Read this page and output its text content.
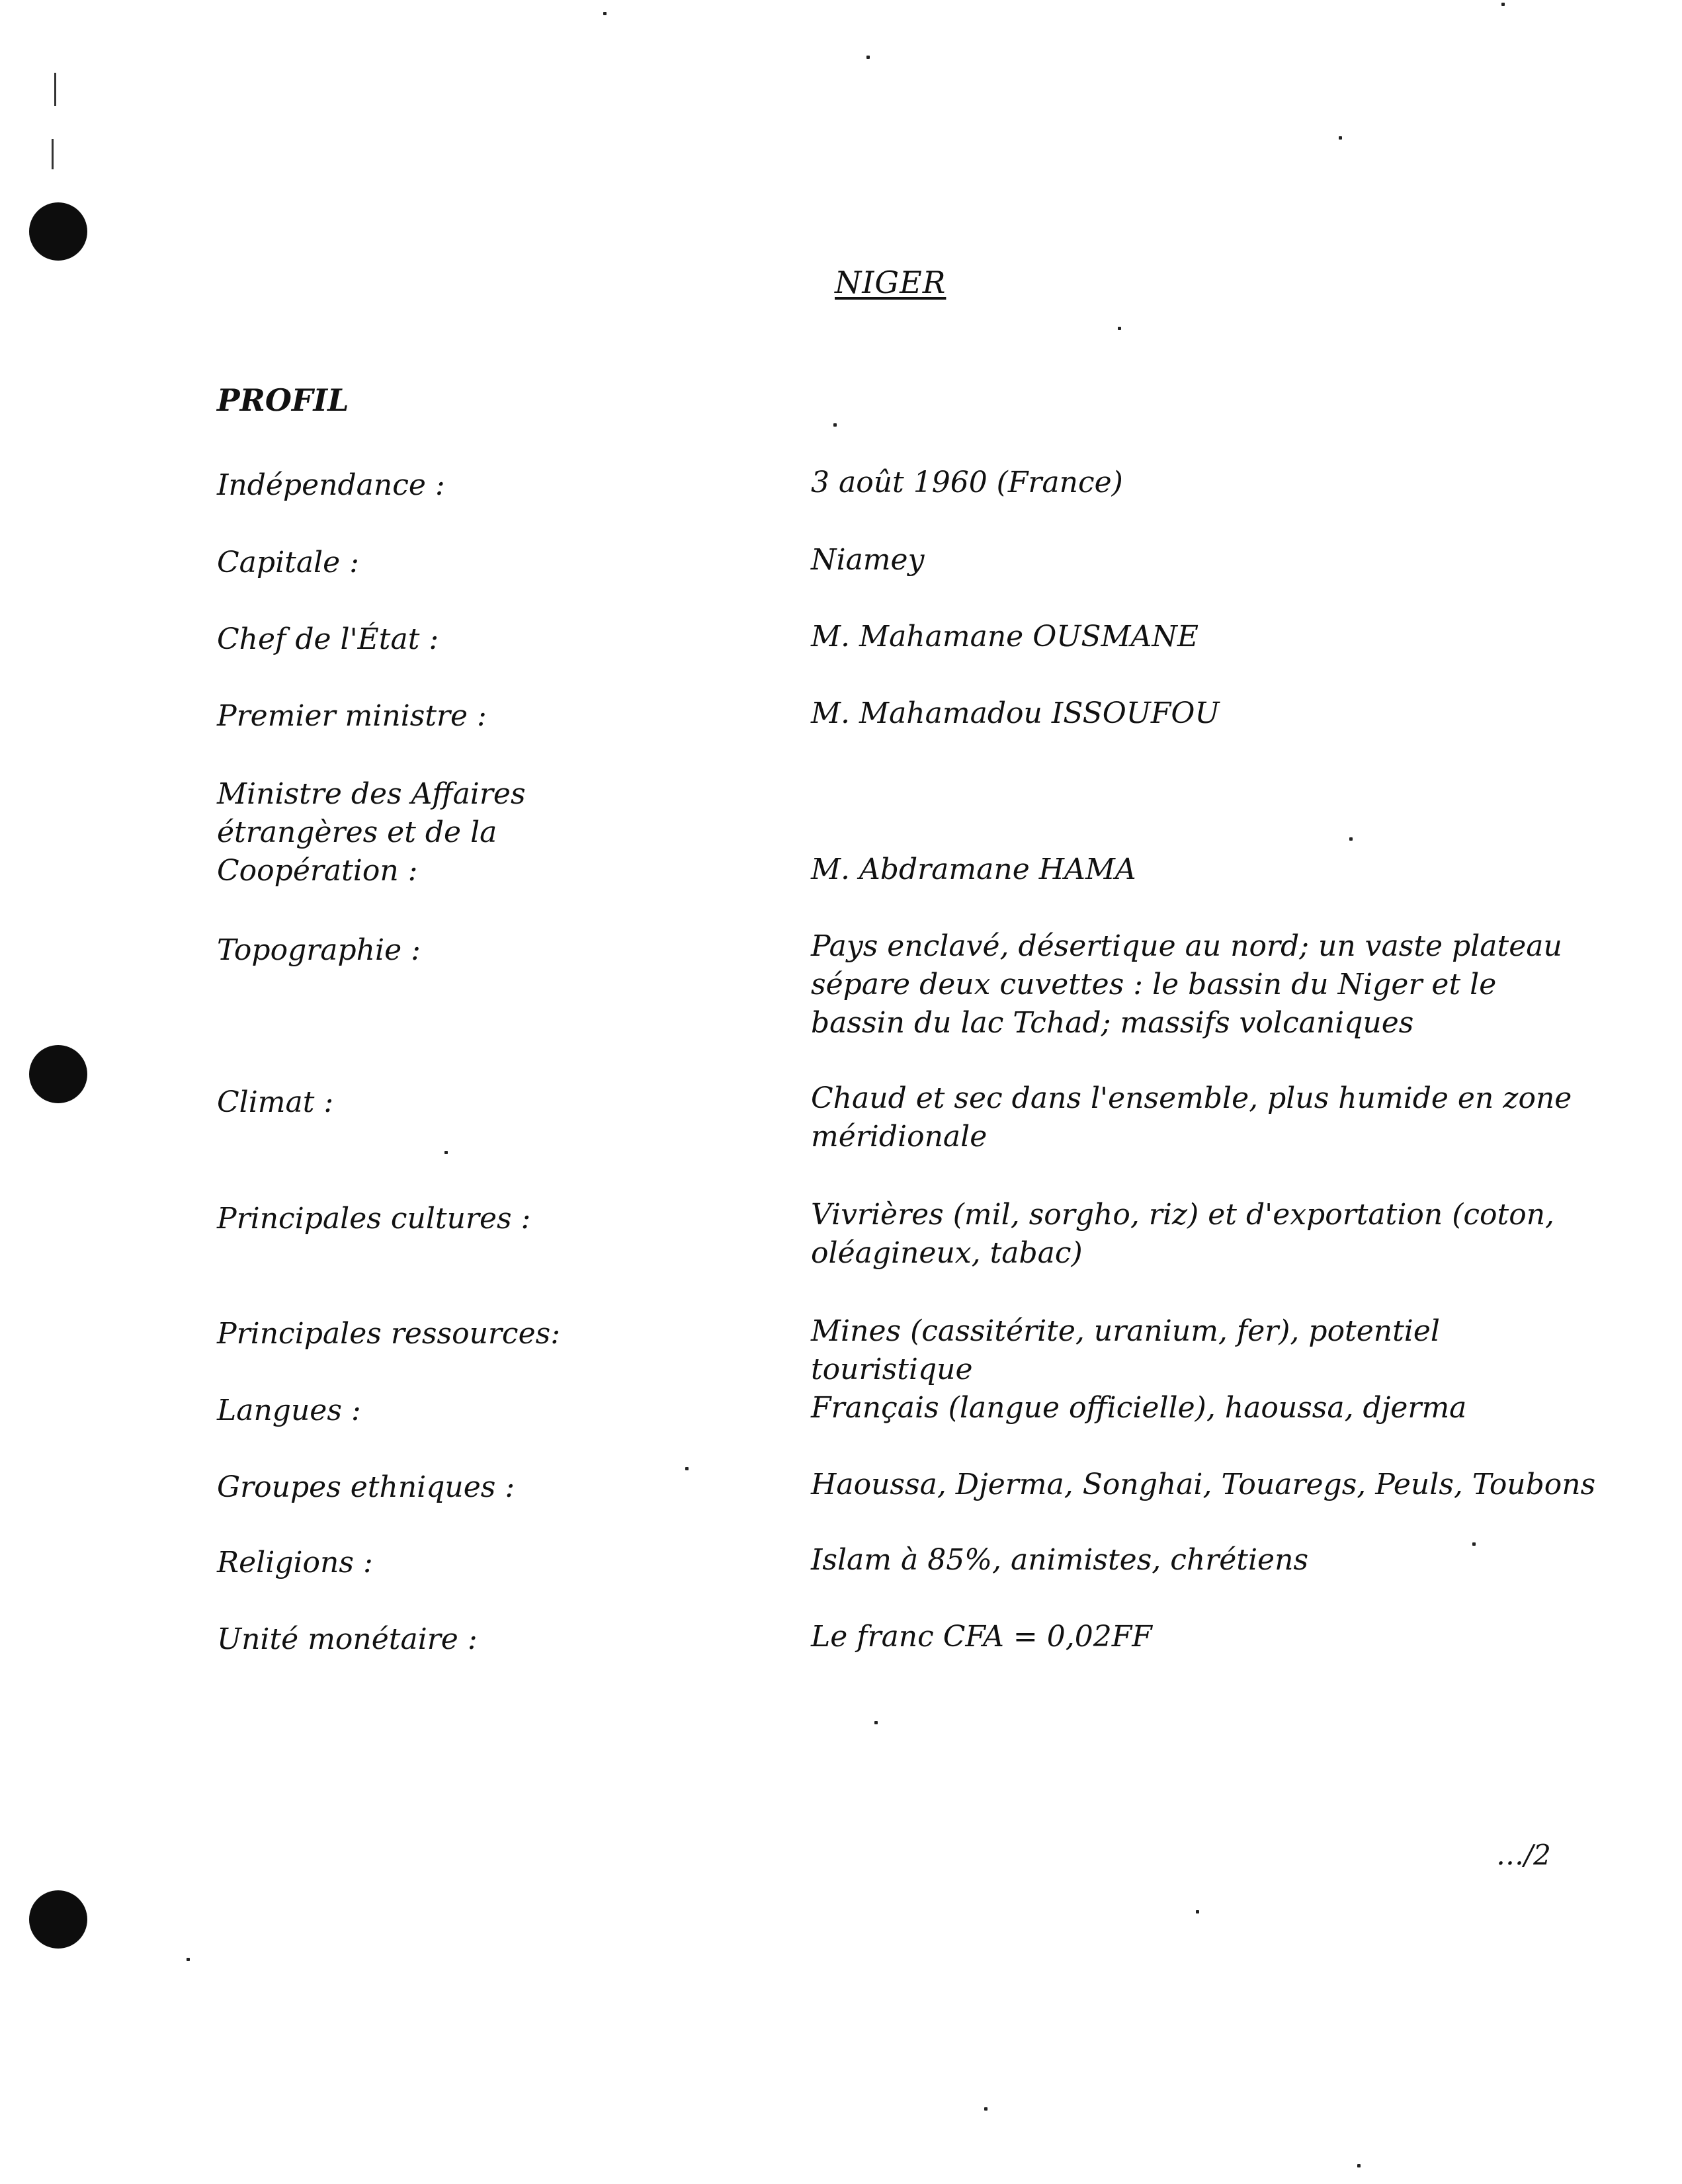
NIGER
PROFIL
Indépendance :	3 août 1960 (France)
Capitale :	Niamey
Chef de l'État :	M. Mahamane OUSMANE
Premier ministre :	M. Mahamadou ISSOUFOU
Ministre des Affaires
étrangères et de la
Coopération :	M. Abdramane HAMA
Topographie :	Pays enclavé, désertique au nord; un vaste plateau sépare deux cuvettes : le bassin du Niger et le bassin du lac Tchad; massifs volcaniques
Climat :	Chaud et sec dans l'ensemble, plus humide en zone méridionale
Principales cultures :	Vivrières (mil, sorgho, riz) et d'exportation (coton, oléagineux, tabac)
Principales ressources:	Mines (cassitérite, uranium, fer), potentiel touristique
Langues :	Français (langue officielle), haoussa, djerma
Groupes ethniques :	Haoussa, Djerma, Songhai, Touaregs, Peuls, Toubons
Religions :	Islam à 85%, animistes, chrétiens
Unité monétaire :	Le franc CFA = 0,02FF
…/2
